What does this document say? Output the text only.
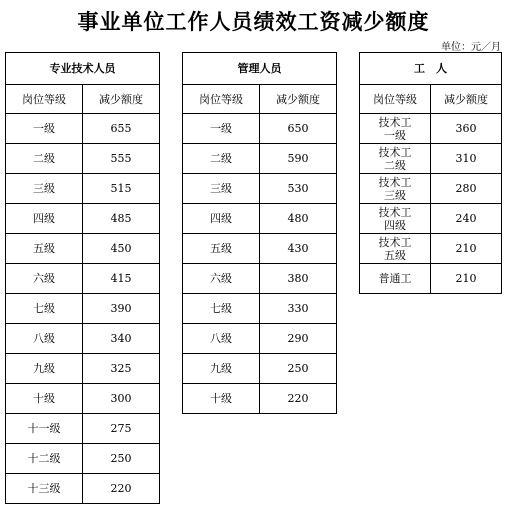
事业单位工作人员绩效工资减少额度
单位：元／月
专业技术人员	
岗位等级	减少额度
一级	655
二级	555
三级	515
四级	485
五级	450
六级	415
七级	390
八级	340
九级	325
十级	300
十一级	275
十二级	250
十三级	220
管理人员	
岗位等级	减少额度
一级	650
二级	590
三级	530
四级	480
五级	430
六级	380
七级	330
八级	290
九级	250
十级	220
工　人	
岗位等级	减少额度
技术工
一级	360
技术工
二级	310
技术工
三级	280
技术工
四级	240
技术工
五级	210
普通工	210
